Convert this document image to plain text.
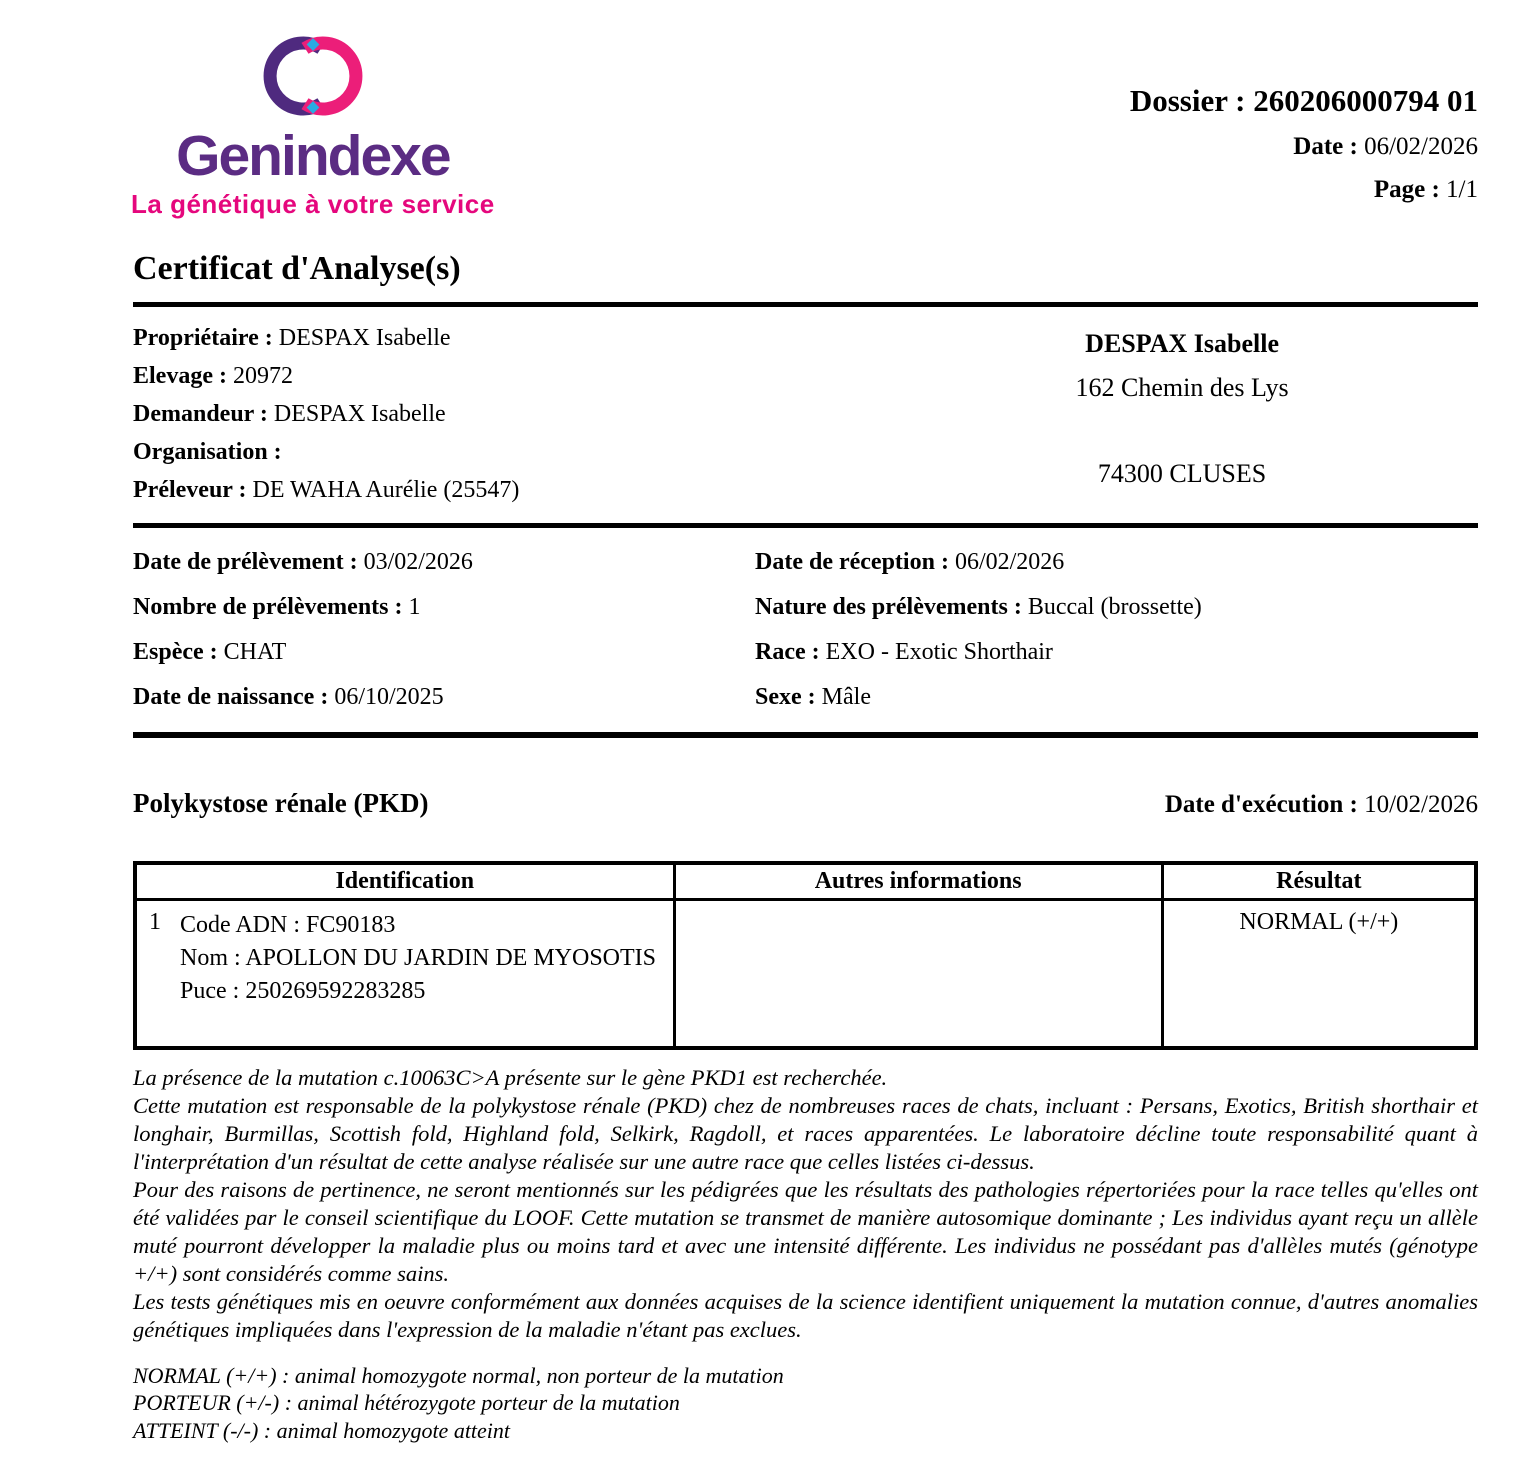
Genindexe
La génétique à votre service
Dossier : 260206000794 01
Date : 06/02/2026
Page : 1/1
Certificat d'Analyse(s)
Propriétaire : DESPAX Isabelle
Elevage : 20972
Demandeur : DESPAX Isabelle
Organisation :
Préleveur : DE WAHA Aurélie (25547)
DESPAX Isabelle
162 Chemin des Lys
74300 CLUSES
Date de prélèvement : 03/02/2026	Date de réception : 06/02/2026
Nombre de prélèvements : 1	Nature des prélèvements : Buccal (brossette)
Espèce : CHAT	Race : EXO - Exotic Shorthair
Date de naissance : 06/10/2025	Sexe : Mâle
Polykystose rénale (PKD)	Date d'exécution : 10/02/2026
Identification	Autres informations	Résultat

1 Code ADN : FC90183
Nom : APOLLON DU JARDIN DE MYOSOTIS
Puce : 250269592283285		NORMAL (+/+)

La présence de la mutation c.10063C>A présente sur le gène PKD1 est recherchée.

Cette mutation est responsable de la polykystose rénale (PKD) chez de nombreuses races de chats, incluant : Persans, Exotics, British shorthair et longhair, Burmillas, Scottish fold, Highland fold, Selkirk, Ragdoll, et races apparentées. Le laboratoire décline toute responsabilité quant à l'interprétation d'un résultat de cette analyse réalisée sur une autre race que celles listées ci-dessus.

Pour des raisons de pertinence, ne seront mentionnés sur les pédigrées que les résultats des pathologies répertoriées pour la race telles qu'elles ont été validées par le conseil scientifique du LOOF. Cette mutation se transmet de manière autosomique dominante ; Les individus ayant reçu un allèle muté pourront développer la maladie plus ou moins tard et avec une intensité différente. Les individus ne possédant pas d'allèles mutés (génotype +/+) sont considérés comme sains.

Les tests génétiques mis en oeuvre conformément aux données acquises de la science identifient uniquement la mutation connue, d'autres anomalies génétiques impliquées dans l'expression de la maladie n'étant pas exclues.

NORMAL (+/+) : animal homozygote normal, non porteur de la mutation
PORTEUR (+/-) : animal hétérozygote porteur de la mutation
ATTEINT (-/-) : animal homozygote atteint
